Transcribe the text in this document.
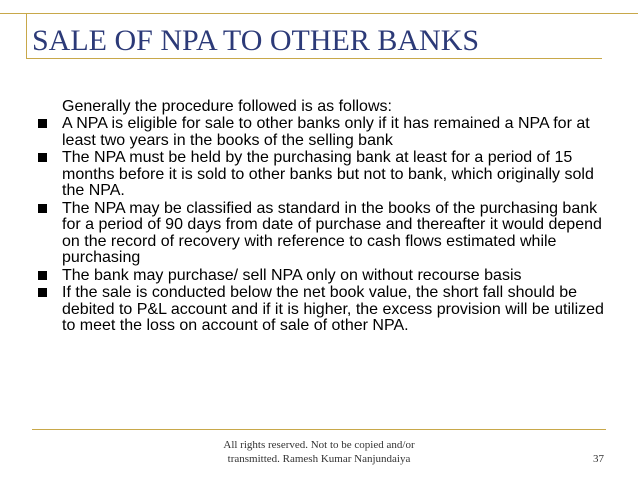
SALE OF NPA TO OTHER BANKS

Generally the procedure followed is as follows:

A NPA is eligible for sale to other banks only if it has remained a NPA for at least two years in the books of the selling bank
The NPA must be held by the purchasing bank at least for a period of 15 months before it is sold to other banks but not to bank, which originally sold the NPA.
The NPA may be classified as standard in the books of the purchasing bank for a period of 90 days from date of purchase and thereafter it would depend on the record of recovery with reference to cash flows estimated while purchasing
The bank may purchase/ sell NPA only on without recourse basis
If the sale is conducted below the net book value, the short fall should be debited to P&L account and if it is higher, the excess provision will be utilized to meet the loss on account of sale of other NPA.

All rights reserved. Not to be copied and/or
transmitted. Ramesh Kumar Nanjundaiya	37
